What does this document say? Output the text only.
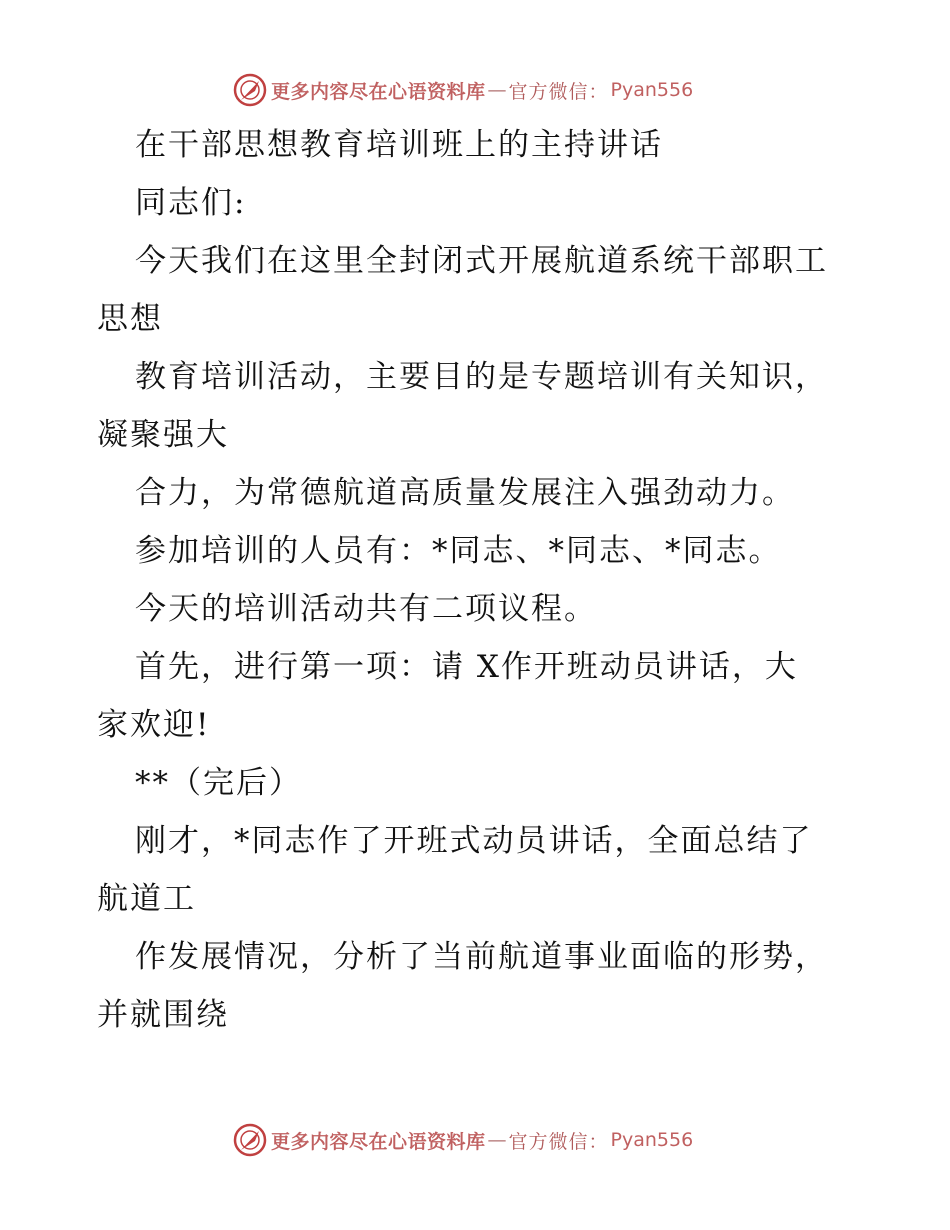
更多内容尽在心语资料库 — 官方微信： Pyan556
在干部思想教育培训班上的主持讲话
同志们:
今天我们在这里全封闭式开展航道系统干部职工
思想
教育培训活动，主要目的是专题培训有关知识，
凝聚强大
合力，为常德航道高质量发展注入强劲动力。
参加培训的人员有：*同志、*同志、*同志。
今天的培训活动共有二项议程。
首先，进行第一项：请 X作开班动员讲话，大
家欢迎!
**（完后）
刚才，*同志作了开班式动员讲话，全面总结了
航道工
作发展情况，分析了当前航道事业面临的形势，
并就围绕
更多内容尽在心语资料库 — 官方微信： Pyan556
